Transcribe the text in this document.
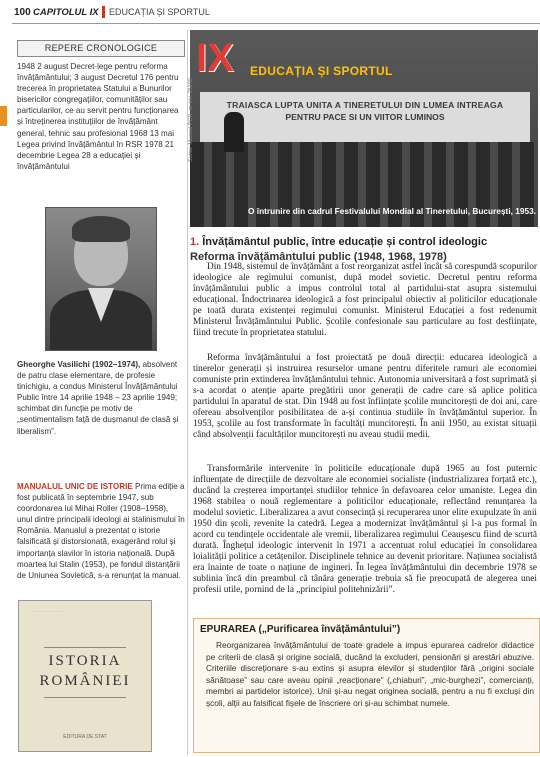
100 CAPITOLUL IX EDUCAȚIA ȘI SPORTUL
REPERE CRONOLOGICE
1948 2 august Decret-lege pentru reforma învățământului; 3 august Decretul 176 pentru trecerea în proprietatea Statului a Bunurilor bisericilor congregațiilor, comunităților sau particularilor, ce au servit pentru funcționarea și întreținerea instituțiilor de învățământ general, tehnic sau profesional 1968 13 mai Legea privind învățământul în RSR 1978 21 decembrie Legea 28 a educației și învățământului
Gheorghe Vasilichi (1902–1974), absolvent de patru clase elementare, de profesie tinichigiu, a condus Ministerul Învățământului Public între 14 aprilie 1948 – 23 aprilie 1949; schimbat din funcție pe motiv de „sentimentalism față de dușmanul de clasă și liberalism”.
MANUALUL UNIC DE ISTORIE Prima ediție a fost publicată în septembrie 1947, sub coordonarea lui Mihai Roller (1908–1958), unul dintre principalii ideologi ai stalinismului în România. Manualul a prezentat o istorie falsificată și distorsionată, exagerând rolul și importanța slavilor în istoria națională. După moartea lui Stalin (1953), pe fondul distanțării de Uniunea Sovietică, s-a renunțat la manual.
· · · · · · · · · · · · · · · ·
ISTORIA
ROMÂNIEI
EDITURA DE STAT
TRAIASCA LUPTA UNITA A TINERETULUI DIN LUMEA INTREAGA
PENTRU PACE SI UN VIITOR LUMINOS
IX EDUCAȚIA ȘI SPORTUL
Sursa: Muzeul PCR, nr. inv. 25190
O întrunire din cadrul Festivalului Mondial al Tineretului, București, 1953.
1. Învățământul public, între educație și control ideologic
Reforma învățământului public (1948, 1968, 1978)
Din 1948, sistemul de învățământ a fost reorganizat astfel încât să corespundă scopurilor ideologice ale regimului comunist, după model sovietic. Decretul pentru reforma învățământului public a impus controlul total al partidului-stat asupra sistemului educațional. Îndoctrinarea ideologică a fost principalul obiectiv al politicilor educaționale pe toată durata existenței regimului comunist. Ministerul Educației a fost redenumit Ministerul Învățământului Public. Școlile confesionale sau particulare au fost desființate, fiind trecute în proprietatea statului.
Reforma învățământului a fost proiectată pe două direcții: educarea ideologică a tinerelor generații și instruirea resurselor umane pentru diferitele ramuri ale economiei comuniste prin extinderea învățământului tehnic. Autonomia universitară a fost suprimată și s-a acordat o atenție aparte pregătirii unor generații de cadre care să aplice politica partidului în aparatul de stat. Din 1948 au fost înființate școlile muncitorești de doi ani, care ofereau absolvenților posibilitatea de a-și continua studiile în învățământul superior. În 1953, școlile au fost transformate în facultăți muncitorești. În anii 1950, au existat situații când absolvenții facultăților muncitorești nu aveau studii medii.
Transformările intervenite în politicile educaționale după 1965 au fost puternic influențate de direcțiile de dezvoltare ale economiei socialiste (industrializarea forțată etc.), ducând la creșterea importanței studiilor tehnice în defavoarea celor umaniste. Legea din 1968 stabilea o nouă reglementare a politicilor educaționale, reflectând renunțarea la modelul sovietic. Liberalizarea a avut consecință și recuperarea unor elite exupulzate în anii 1950 din școli, revenite la catedră. Legea a modernizat învățământul și l-a pus formal în acord cu tendințele occidentale ale vremii, liberalizarea regimului Ceaușescu fiind de scurtă durată. Înghețul ideologic intervenit în 1971 a accentuat rolul educației în consolidarea loialității politice a cetățenilor. Disciplinele tehnice au devenit prioritare. Națiunea socialistă era înainte de toate o națiune de ingineri. În legea învățământului din decembrie 1978 se sublinia încă din preambul că tânăra generație trebuia să fie preocupată de alegerea unei profesii utile, pornind de la „principiul politehnizării”.
EPURAREA („Purificarea învățământului”)
Reorganizarea învățământului de toate gradele a impus epurarea cadrelor didactice pe criterii de clasă și origine socială, ducând la excluderi, pensionări și arestări abuzive. Criteriile discreționare s-au extins și asupra elevilor și studenților fără „origini sociale sănătoase” sau care aveau opinii „reacționare” („chiaburi”, „mic-burghezi”, comercianți, membri ai partidelor istorice). Unii și-au negat originea socială, pentru a nu fi excluși din școli, alții au falsificat fișele de înscriere ori și-au schimbat numele.
